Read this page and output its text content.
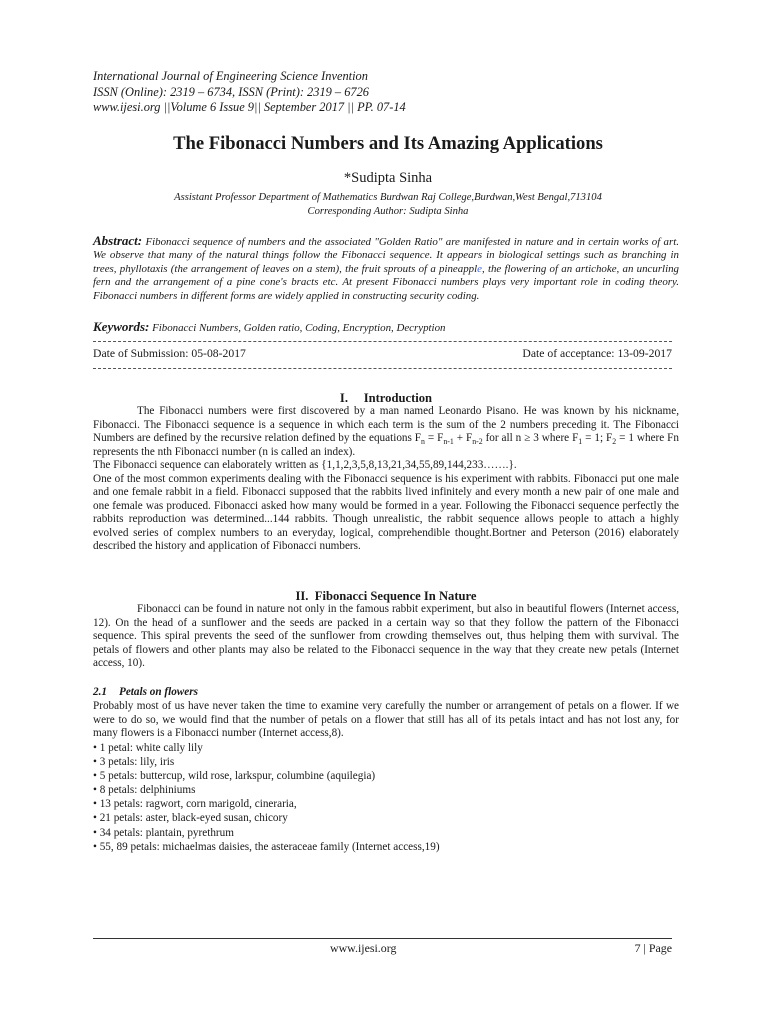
International Journal of Engineering Science Invention
ISSN (Online): 2319 – 6734, ISSN (Print): 2319 – 6726
www.ijesi.org ||Volume 6 Issue 9|| September 2017 || PP. 07-14
The Fibonacci Numbers and Its Amazing Applications
*Sudipta Sinha
Assistant Professor Department of Mathematics Burdwan Raj College,Burdwan,West Bengal,713104
Corresponding Author: Sudipta Sinha
Abstract: Fibonacci sequence of numbers and the associated "Golden Ratio" are manifested in nature and in certain works of art. We observe that many of the natural things follow the Fibonacci sequence. It appears in biological settings such as branching in trees, phyllotaxis (the arrangement of leaves on a stem), the fruit sprouts of a pineapple, the flowering of an artichoke, an uncurling fern and the arrangement of a pine cone's bracts etc. At present Fibonacci numbers plays very important role in coding theory. Fibonacci numbers in different forms are widely applied in constructing security coding.
Keywords: Fibonacci Numbers, Golden ratio, Coding, Encryption, Decryption
Date of Submission: 05-08-2017	Date of acceptance: 13-09-2017
I.     Introduction

The Fibonacci numbers were first discovered by a man named Leonardo Pisano. He was known by his nickname, Fibonacci. The Fibonacci sequence is a sequence in which each term is the sum of the 2 numbers preceding it. The Fibonacci Numbers are defined by the recursive relation defined by the equations $F_n = F_{n-1} + F_{n-2}$ for all n ≥ 3 where $F_1 = 1$; $F_2 = 1$ where Fn represents the nth Fibonacci number (n is called an index).

The Fibonacci sequence can elaborately written as {1,1,2,3,5,8,13,21,34,55,89,144,233…….}.

One of the most common experiments dealing with the Fibonacci sequence is his experiment with rabbits. Fibonacci put one male and one female rabbit in a field. Fibonacci supposed that the rabbits lived infinitely and every month a new pair of one male and one female was produced. Fibonacci asked how many would be formed in a year. Following the Fibonacci sequence perfectly the rabbits reproduction was determined...144 rabbits. Though unrealistic, the rabbit sequence allows people to attach a highly evolved series of complex numbers to an everyday, logical, comprehendible thought.Bortner and Peterson (2016) elaborately described the history and application of Fibonacci numbers.

II.  Fibonacci Sequence In Nature

Fibonacci can be found in nature not only in the famous rabbit experiment, but also in beautiful flowers (Internet access, 12). On the head of a sunflower and the seeds are packed in a certain way so that they follow the pattern of the Fibonacci sequence. This spiral prevents the seed of the sunflower from crowding themselves out, thus helping them with survival. The petals of flowers and other plants may also be related to the Fibonacci sequence in the way that they create new petals (Internet access, 10).

2.1 Petals on flowers

Probably most of us have never taken the time to examine very carefully the number or arrangement of petals on a flower. If we were to do so, we would find that the number of petals on a flower that still has all of its petals intact and has not lost any, for many flowers is a Fibonacci number (Internet access,8).

• 1 petal: white cally lily
• 3 petals: lily, iris
• 5 petals: buttercup, wild rose, larkspur, columbine (aquilegia)
• 8 petals: delphiniums
• 13 petals: ragwort, corn marigold, cineraria,
• 21 petals: aster, black-eyed susan, chicory
• 34 petals: plantain, pyrethrum
• 55, 89 petals: michaelmas daisies, the asteraceae family (Internet access,19)
www.ijesi.org	7 | Page
